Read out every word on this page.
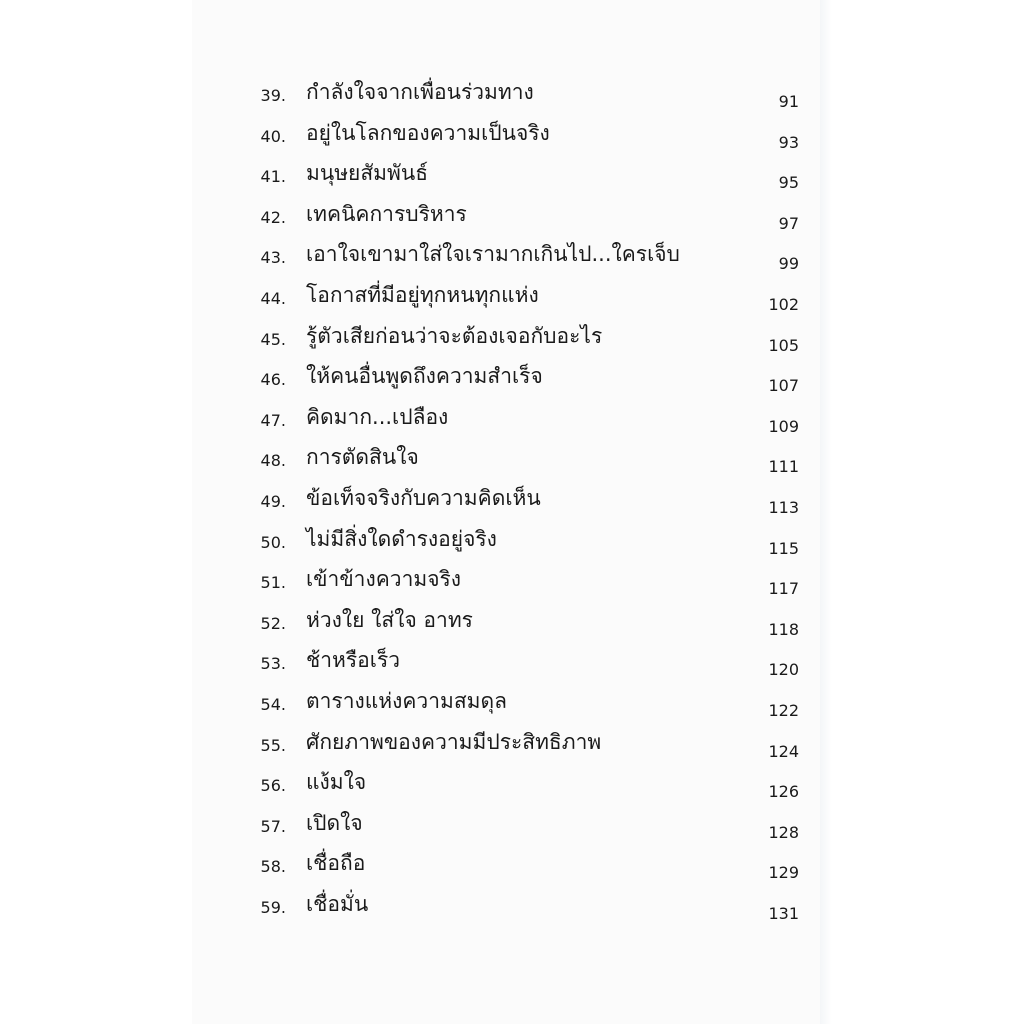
39. กำลังใจจากเพื่อนร่วมทาง	91
40. อยู่ในโลกของความเป็นจริง	93
41. มนุษยสัมพันธ์	95
42. เทคนิคการบริหาร	97
43. เอาใจเขามาใส่ใจเรามากเกินไป...ใครเจ็บ	99
44. โอกาสที่มีอยู่ทุกหนทุกแห่ง	102
45. รู้ตัวเสียก่อนว่าจะต้องเจอกับอะไร	105
46. ให้คนอื่นพูดถึงความสำเร็จ	107
47. คิดมาก...เปลือง	109
48. การตัดสินใจ	111
49. ข้อเท็จจริงกับความคิดเห็น	113
50. ไม่มีสิ่งใดดำรงอยู่จริง	115
51. เข้าข้างความจริง	117
52. ห่วงใย ใส่ใจ อาทร	118
53. ช้าหรือเร็ว	120
54. ตารางแห่งความสมดุล	122
55. ศักยภาพของความมีประสิทธิภาพ	124
56. แง้มใจ	126
57. เปิดใจ	128
58. เชื่อถือ	129
59. เชื่อมั่น	131
